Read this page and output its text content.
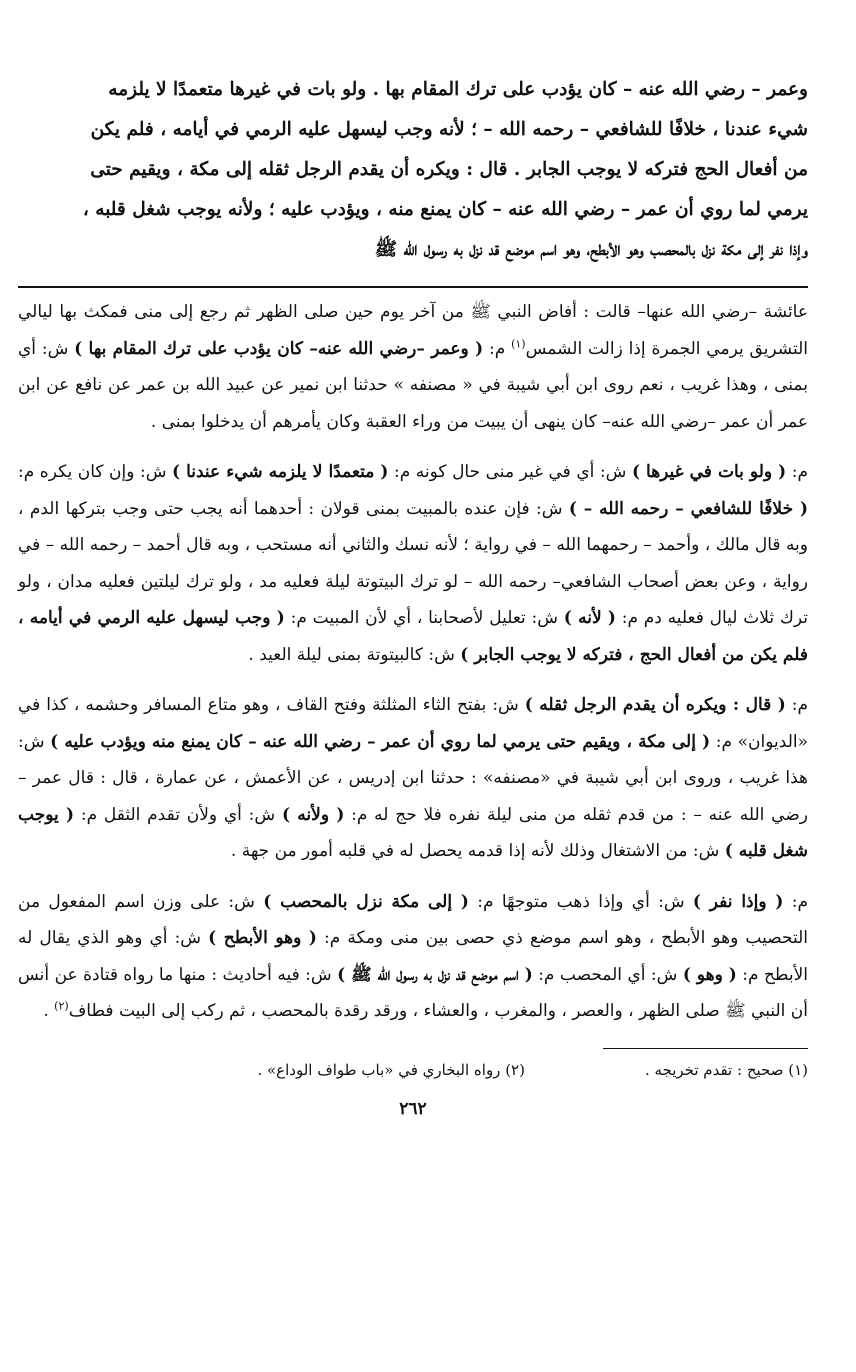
وعمر – رضي الله عنه – كان يؤدب على ترك المقام بها . ولو بات في غيرها متعمدًا لا يلزمه
شيء عندنا ، خلافًا للشافعي – رحمه الله – ؛ لأنه وجب ليسهل عليه الرمي في أيامه ، فلم يكن
من أفعال الحج فتركه لا يوجب الجابر . قال : ويكره أن يقدم الرجل ثقله إلى مكة ، ويقيم حتى
يرمي لما روي أن عمر – رضي الله عنه – كان يمنع منه ، ويؤدب عليه ؛ ولأنه يوجب شغل قلبه ،
وإذا نفر إلى مكة نزل بالمحصب وهو الأبطح، وهو اسم موضع قد نزل به رسول الله ﷺ

عائشة –رضي الله عنها– قالت : أفاض النبي ﷺ من آخر يوم حين صلى الظهر ثم رجع إلى منى فمكث بها ليالي التشريق يرمي الجمرة إذا زالت الشمس$^{(١)}$ م: ( وعمر –رضي الله عنه– كان يؤدب على ترك المقام بها ) ش: أي بمنى ، وهذا غريب ، نعم روى ابن أبي شيبة في « مصنفه » حدثنا ابن نمير عن عبيد الله بن عمر عن نافع عن ابن عمر أن عمر –رضي الله عنه– كان ينهى أن يبيت من وراء العقبة وكان يأمرهم أن يدخلوا بمنى .

م: ( ولو بات في غيرها ) ش: أي في غير منى حال كونه م: ( متعمدًا لا يلزمه شيء عندنا ) ش: وإن كان يكره م: ( خلافًا للشافعي – رحمه الله – ) ش: فإن عنده بالمبيت بمنى قولان : أحدهما أنه يجب حتى وجب بتركها الدم ، وبه قال مالك ، وأحمد – رحمهما الله – في رواية ؛ لأنه نسك والثاني أنه مستحب ، وبه قال أحمد – رحمه الله – في رواية ، وعن بعض أصحاب الشافعي– رحمه الله – لو ترك البيتوتة ليلة فعليه مد ، ولو ترك ليلتين فعليه مدان ، ولو ترك ثلاث ليال فعليه دم م: ( لأنه ) ش: تعليل لأصحابنا ، أي لأن المبيت م: ( وجب ليسهل عليه الرمي في أيامه ، فلم يكن من أفعال الحج ، فتركه لا يوجب الجابر ) ش: كالبيتوتة بمنى ليلة العيد .

م: ( قال : ويكره أن يقدم الرجل ثقله ) ش: بفتح الثاء المثلثة وفتح القاف ، وهو متاع المسافر وحشمه ، كذا في «الديوان» م: ( إلى مكة ، ويقيم حتى يرمي لما روي أن عمر – رضي الله عنه – كان يمنع منه ويؤدب عليه ) ش: هذا غريب ، وروى ابن أبي شيبة في «مصنفه» : حدثنا ابن إدريس ، عن الأعمش ، عن عمارة ، قال : قال عمر – رضي الله عنه – : من قدم ثقله من منى ليلة نفره فلا حج له م: ( ولأنه ) ش: أي ولأن تقدم الثقل م: ( يوجب شغل قلبه ) ش: من الاشتغال وذلك لأنه إذا قدمه يحصل له في قلبه أمور من جهة .

م: ( وإذا نفر ) ش: أي وإذا ذهب متوجهًا م: ( إلى مكة نزل بالمحصب ) ش: على وزن اسم المفعول من التحصيب وهو الأبطح ، وهو اسم موضع ذي حصى بين منى ومكة م: ( وهو الأبطح ) ش: أي وهو الذي يقال له الأبطح م: ( وهو ) ش: أي المحصب م: ( اسم موضع قد نزل به رسول الله ﷺ ) ش: فيه أحاديث : منها ما رواه قتادة عن أنس أن النبي ﷺ صلى الظهر ، والعصر ، والمغرب ، والعشاء ، ورقد رقدة بالمحصب ، ثم ركب إلى البيت فطاف$^{(٢)}$ .

(١) صحيح : تقدم تخريجه .
(٢) رواه البخاري في «باب طواف الوداع» .
٢٦٢
